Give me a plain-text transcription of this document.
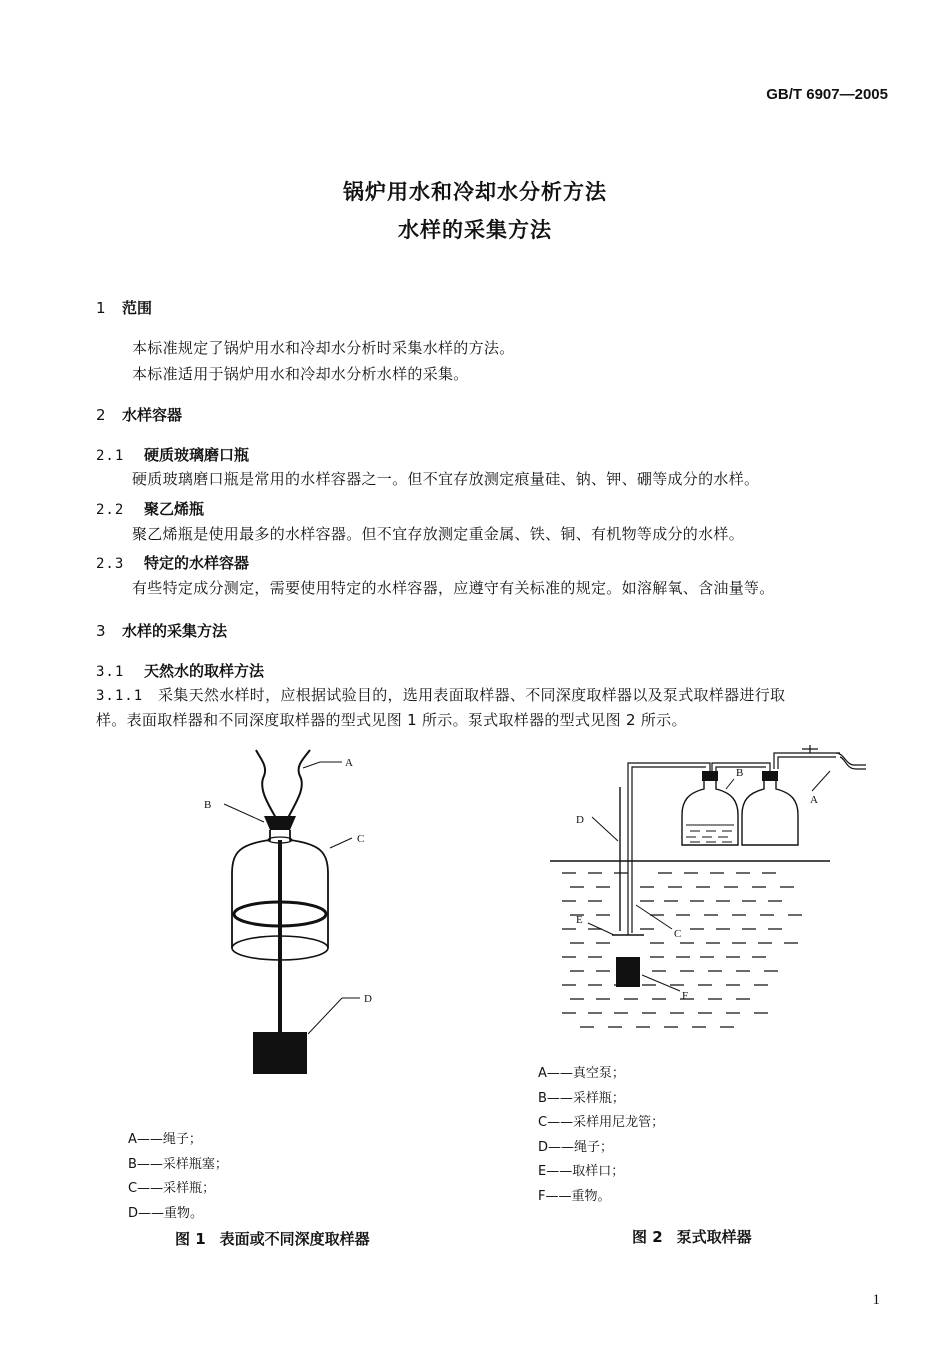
GB/T 6907—2005
锅炉用水和冷却水分析方法
水样的采集方法
1 范围
本标准规定了锅炉用水和冷却水分析时采集水样的方法。
本标准适用于锅炉用水和冷却水分析水样的采集。
2 水样容器
2.1 硬质玻璃磨口瓶
硬质玻璃磨口瓶是常用的水样容器之一。但不宜存放测定痕量硅、钠、钾、硼等成分的水样。
2.2 聚乙烯瓶
聚乙烯瓶是使用最多的水样容器。但不宜存放测定重金属、铁、铜、有机物等成分的水样。
2.3 特定的水样容器
有些特定成分测定，需要使用特定的水样容器，应遵守有关标准的规定。如溶解氧、含油量等。
3 水样的采集方法
3.1 天然水的取样方法
3.1.1 采集天然水样时，应根据试验目的，选用表面取样器、不同深度取样器以及泵式取样器进行取
样。表面取样器和不同深度取样器的型式见图 1 所示。泵式取样器的型式见图 2 所示。
A
B
C
D
A——绳子；
B——采样瓶塞；
C——采样瓶；
D——重物。
图 1 表面或不同深度取样器
D
C
E
F
B
A
A——真空泵；
B——采样瓶；
C——采样用尼龙管；
D——绳子；
E——取样口；
F——重物。
图 2 泵式取样器
1
